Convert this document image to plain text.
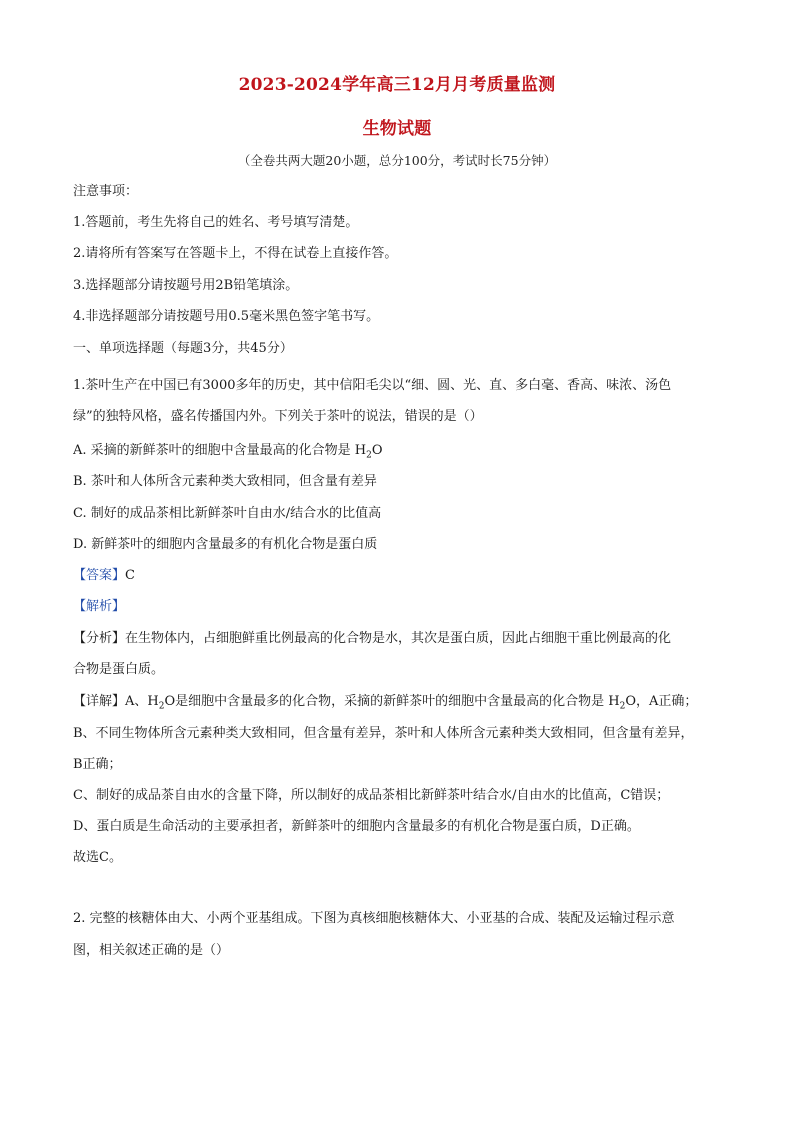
2023-2024学年高三12月月考质量监测
生物试题
（全卷共两大题20小题，总分100分，考试时长75分钟）
注意事项：
1.答题前，考生先将自己的姓名、考号填写清楚。
2.请将所有答案写在答题卡上，不得在试卷上直接作答。
3.选择题部分请按题号用2B铅笔填涂。
4.非选择题部分请按题号用0.5毫米黑色签字笔书写。
一、单项选择题（每题3分，共45分）
1.茶叶生产在中国已有3000多年的历史，其中信阳毛尖以“细、圆、光、直、多白毫、香高、味浓、汤色
绿”的独特风格，盛名传播国内外。下列关于茶叶的说法，错误的是（）
A. 采摘的新鲜茶叶的细胞中含量最高的化合物是 $H_2O$
B. 茶叶和人体所含元素种类大致相同，但含量有差异
C. 制好的成品茶相比新鲜茶叶自由水/结合水的比值高
D. 新鲜茶叶的细胞内含量最多的有机化合物是蛋白质
【答案】C
【解析】
【分析】在生物体内，占细胞鲜重比例最高的化合物是水，其次是蛋白质，因此占细胞干重比例最高的化
合物是蛋白质。
【详解】A、$H_2O$是细胞中含量最多的化合物，采摘的新鲜茶叶的细胞中含量最高的化合物是 $H_2O$，A正确；
B、不同生物体所含元素种类大致相同，但含量有差异，茶叶和人体所含元素种类大致相同，但含量有差异，
B正确；
C、制好的成品茶自由水的含量下降，所以制好的成品茶相比新鲜茶叶结合水/自由水的比值高，C错误；
D、蛋白质是生命活动的主要承担者，新鲜茶叶的细胞内含量最多的有机化合物是蛋白质，D正确。
故选C。
2. 完整的核糖体由大、小两个亚基组成。下图为真核细胞核糖体大、小亚基的合成、装配及运输过程示意
图，相关叙述正确的是（）
